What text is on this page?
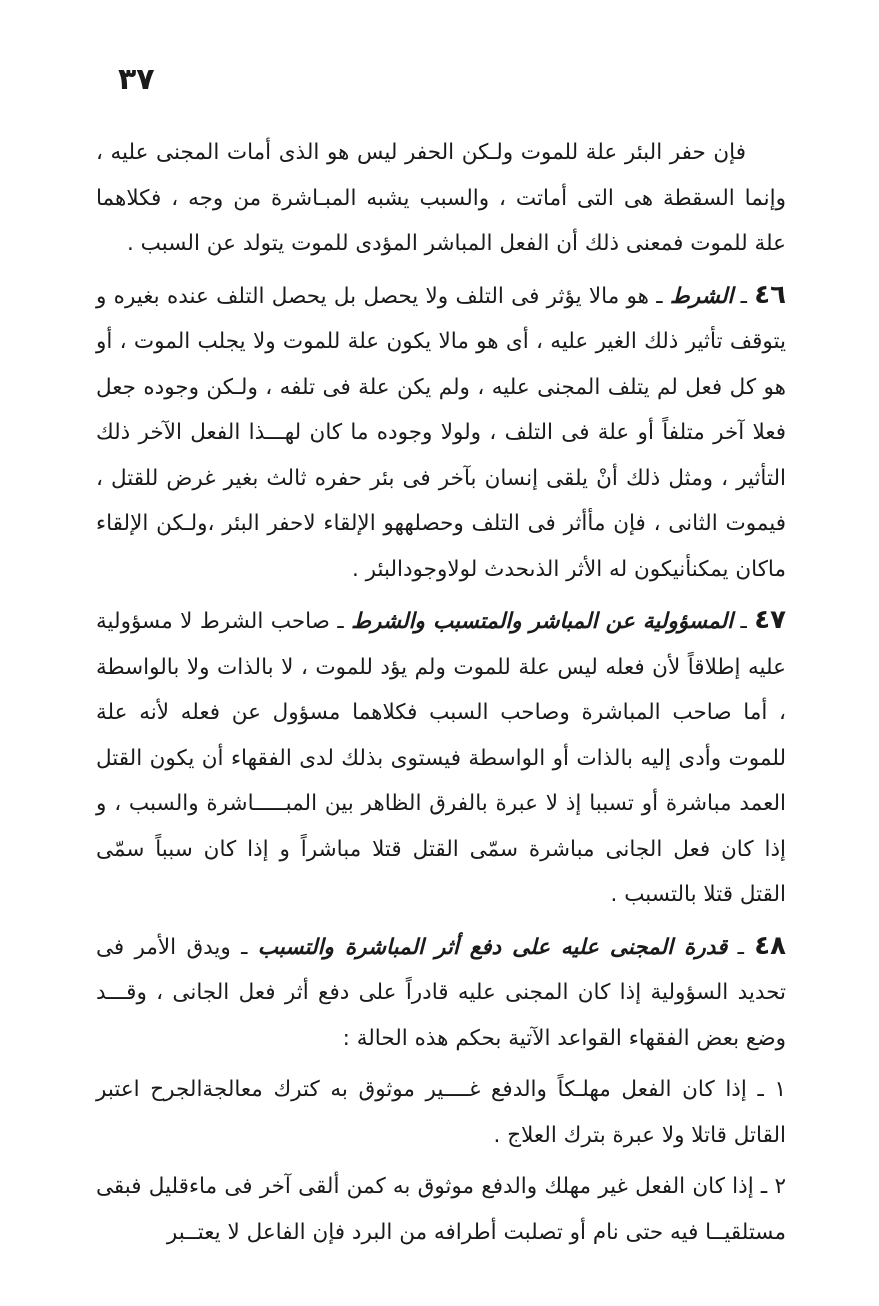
٣٧

فإن حفر البئر علة للموت ولـكن الحفر ليس هو الذى أمات المجنى عليه ، وإنما السقطة هى التى أماتت ، والسبب يشبه المبـاشرة من وجه ، فكلاهما علة للموت فمعنى ذلك أن الفعل المباشر المؤدى للموت يتولد عن السبب .

٤٦ ـ الشرط ـ هو مالا يؤثر فى التلف ولا يحصل بل يحصل التلف عنده بغيره و يتوقف تأثير ذلك الغير عليه ، أى هو مالا يكون علة للموت ولا يجلب الموت ، أو هو كل فعل لم يتلف المجنى عليه ، ولم يكن علة فى تلفه ، ولـكن وجوده جعل فعلا آخر متلفاً أو علة فى التلف ، ولولا وجوده ما كان لهـــذا الفعل الآخر ذلك التأثير ، ومثل ذلك أنْ يلقى إنسان بآخر فى بئر حفره ثالث بغير غرض للقتل ، فيموت الثانى ، فإن مأأثر فى التلف وحصلههو الإلقاء لاحفر البئر ،ولـكن الإلقاء ماكان يمكنأنيكون له الأثر الذىحدث لولاوجودالبئر .

٤٧ ـ المسؤولية عن المباشر والمتسبب والشرط ـ صاحب الشرط لا مسؤولية عليه إطلاقاً لأن فعله ليس علة للموت ولم يؤد للموت ، لا بالذات ولا بالواسطة ، أما صاحب المباشرة وصاحب السبب فكلاهما مسؤول عن فعله لأنه علة للموت وأدى إليه بالذات أو الواسطة فيستوى بذلك لدى الفقهاء أن يكون القتل العمد مباشرة أو تسببا إذ لا عبرة بالفرق الظاهر بين المبـــــاشرة والسبب ، و إذا كان فعل الجانى مباشرة سمّى القتل قتلا مباشراً و إذا كان سبباً سمّى القتل قتلا بالتسبب .

٤٨ ـ قدرة المجنى عليه على دفع أثر المباشرة والتسبب ـ ويدق الأمر فى تحديد السؤولية إذا كان المجنى عليه قادراً على دفع أثر فعل الجانى ، وقـــد وضع بعض الفقهاء القواعد الآتية بحكم هذه الحالة :

١ ـ إذا كان الفعل مهلـكاً والدفع غــــير موثوق به كترك معالجةالجرح اعتبر القاتل قاتلا ولا عبرة بترك العلاج .

٢ ـ إذا كان الفعل غير مهلك والدفع موثوق به كمن ألقى آخر فى ماءقليل فبقى مستلقيــا فيه حتى نام أو تصلبت أطرافه من البرد فإن الفاعل لا يعتــبر
